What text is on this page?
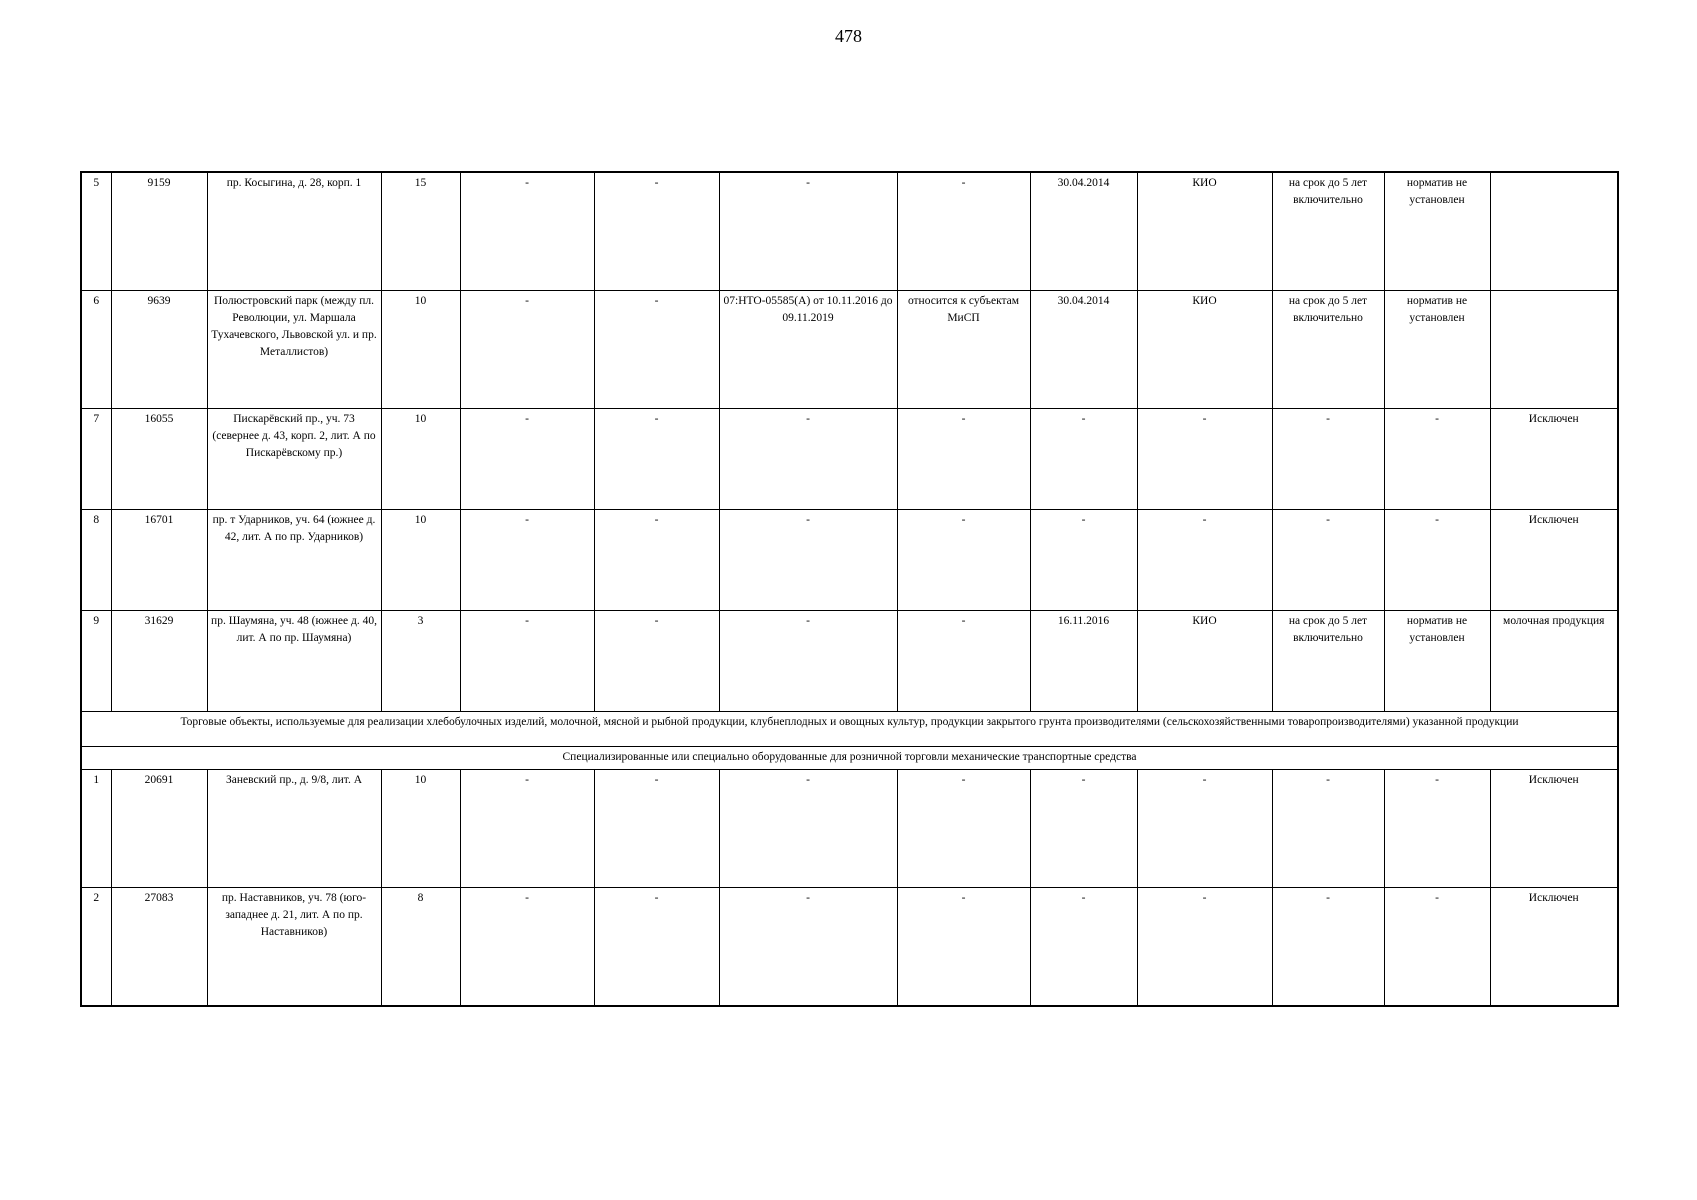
478
5	9159	пр. Косыгина, д. 28, корп. 1	15	-	-	-	-	30.04.2014	КИО	на срок до 5 лет включительно	норматив не установлен	
6	9639	Полюстровский парк (между пл. Революции, ул. Маршала Тухачевского, Львовской ул. и пр. Металлистов)	10	-	-	07:НТО-05585(А) от 10.11.2016 до 09.11.2019	относится к субъектам МиСП	30.04.2014	КИО	на срок до 5 лет включительно	норматив не установлен	
7	16055	Пискарёвский пр., уч. 73 (севернее д. 43, корп. 2, лит. А по Пискарёвскому пр.)	10	-	-	-	-	-	-	-	-	Исключен
8	16701	пр. т Ударников, уч. 64 (южнее д. 42, лит. А по пр. Ударников)	10	-	-	-	-	-	-	-	-	Исключен
9	31629	пр. Шаумяна, уч. 48 (южнее д. 40, лит. А по пр. Шаумяна)	3	-	-	-	-	16.11.2016	КИО	на срок до 5 лет включительно	норматив не установлен	молочная продукция
Торговые объекты, используемые для реализации хлебобулочных изделий, молочной, мясной и рыбной продукции, клубнеплодных и овощных культур, продукции закрытого грунта производителями (сельскохозяйственными товаропроизводителями) указанной продукции												
Специализированные или специально оборудованные для розничной торговли механические транспортные средства												
1	20691	Заневский пр., д. 9/8, лит. А	10	-	-	-	-	-	-	-	-	Исключен
2	27083	пр. Наставников, уч. 78 (юго-западнее д. 21, лит. А по пр. Наставников)	8	-	-	-	-	-	-	-	-	Исключен
